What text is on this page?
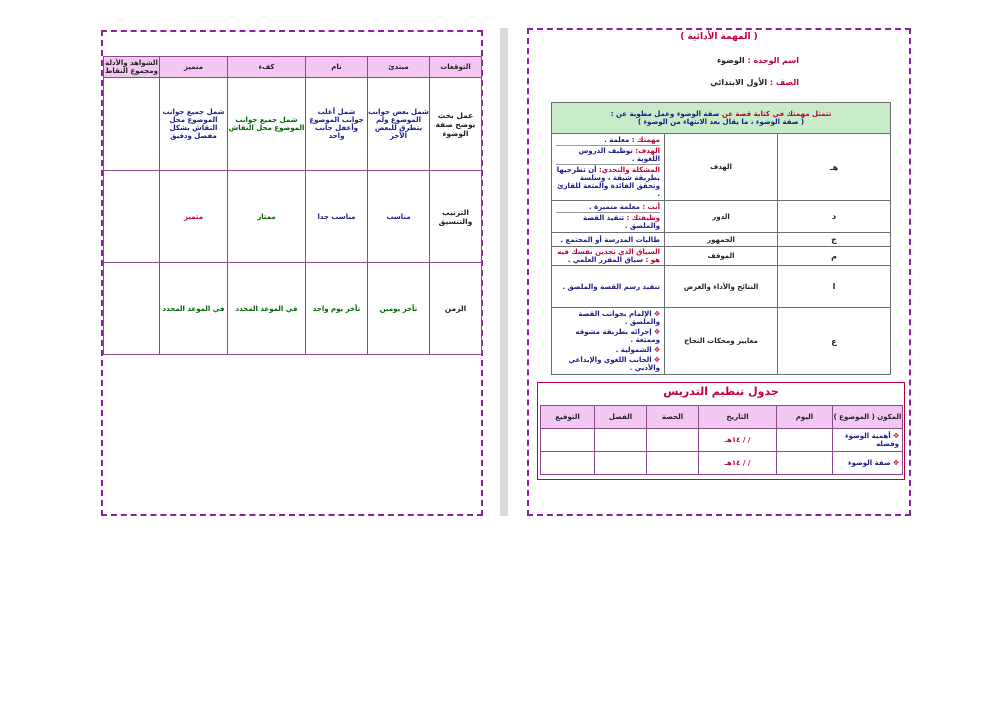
التوقعات	مبتدئ	نام	كفء	متميز	الشواهد والأدلة ومجموع النقاط
عمل بحث يوضح صفة الوضوء	شمل بعض جوانب الموضوع ولم يتطرق للبعض الآخر	شمل أغلب جوانب الموضوع وأغفل جانب واحد	شمل جميع جوانب الموضوع محل النقاش	شمل جميع جوانب الموضوع محل النقاش بشكل مفصل ودقيق	
الترتيب والتنسيق	مناسب	مناسب جدا	ممتاز	متميز	
الزمن	تأخر يومين	تأخر يوم واحد	في الموعد المحدد	في الموعد المحدد	
( المهمة الأدائية )
اسم الوحدة : الوضوء
الصف : الأول الابتدائي
تتمثل مهمتك في كتابة قصة عن صفة الوضوء وعمل مطوية عن :
( صفة الوضوء ، ما يقال بعد الانتهاء من الوضوء )		
هـ	الهدف	مهمتك : معلمة .
الهدف: توظيف الدروس اللغوية .
المشكلة والتحدي: أن تطرحيها بطريقة شيقة ، وسلسة وتحقق الفائدة والمتعة للقارئ .

د	الدور	أنت : معلمة متميزة .
وظيفتك : تنفيذ القصة والملصق .

ج	الجمهور	طالبات المدرسة أو المجتمع .
م	الموقف	السياق الذي تجدين نفسك فيه هو : سياق المقرر العلمي .
ا	النتائج والأداء والغرض	تنفيذ رسم القصة والملصق .
ع	معايير ومحكات النجاح	✥ الإلمام بجوانب القصة والملصق .
✥ إجرائه بطريقة مشوقه وممتعة .
✥ الشمولية .
✥ الجانب اللغوي والإبداعي والأدبي .
جدول تنظيم التدريس
المكون ( الموضوع )	اليوم	التاريخ	الحصة	الفصل	التوقيع
✥ أهمية الوضوء وفضله		/ / ١٤هـ			
✥ صفة الوضوء		/ / ١٤هـ			
